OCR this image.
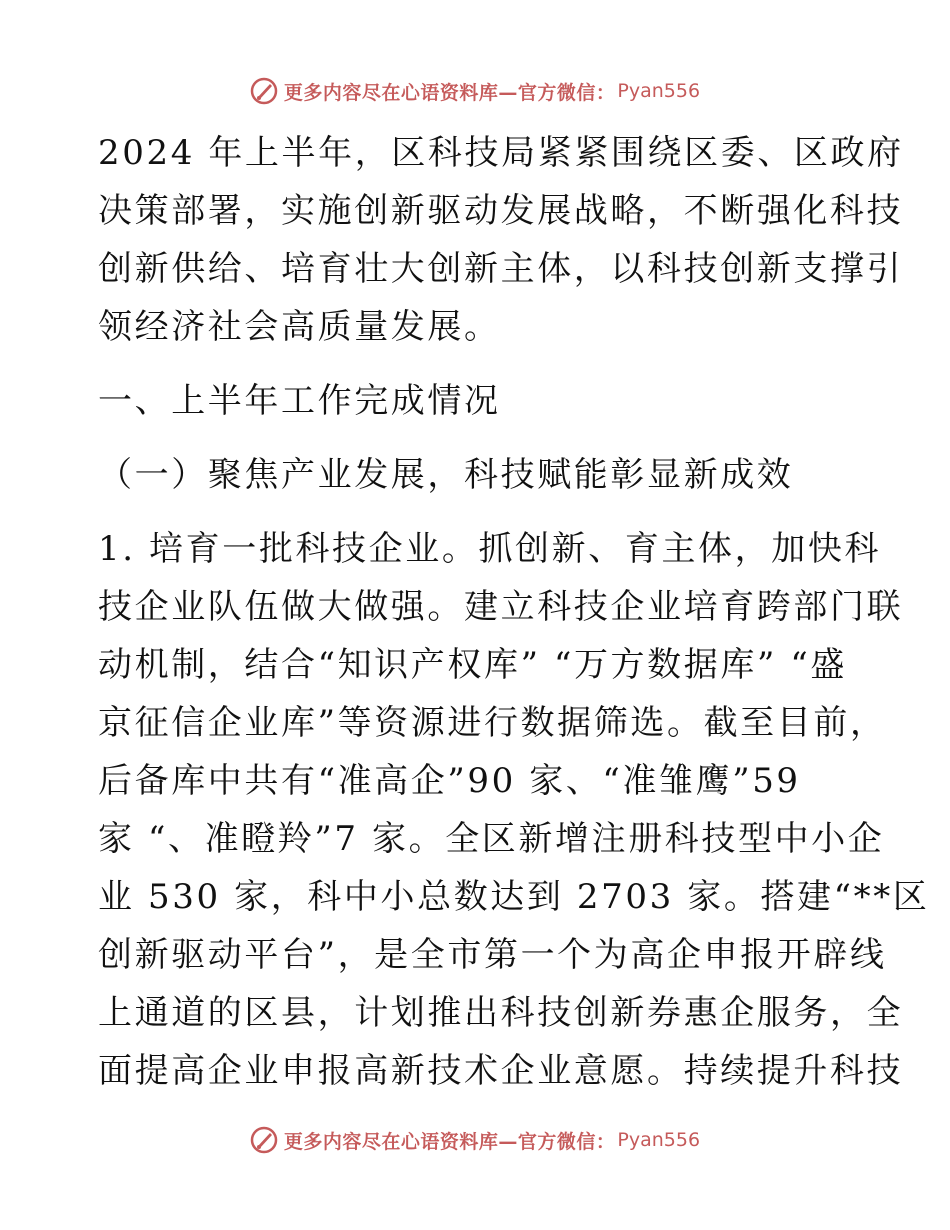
更多内容尽在心语资料库—官方微信： Pyan556
2024 年上半年，区科技局紧紧围绕区委、区政府
决策部署，实施创新驱动发展战略，不断强化科技
创新供给、培育壮大创新主体，以科技创新支撑引
领经济社会高质量发展。
一、上半年工作完成情况
（一）聚焦产业发展，科技赋能彰显新成效
1. 培育一批科技企业。抓创新、育主体，加快科
技企业队伍做大做强。建立科技企业培育跨部门联
动机制，结合“知识产权库” “万方数据库” “盛
京征信企业库”等资源进行数据筛选。截至目前，
后备库中共有“准高企”90 家、“准雏鹰”59
家 “、准瞪羚”7 家。全区新增注册科技型中小企
业 530 家，科中小总数达到 2703 家。搭建“**区
创新驱动平台”，是全市第一个为高企申报开辟线
上通道的区县，计划推出科技创新券惠企服务，全
面提高企业申报高新技术企业意愿。持续提升科技
更多内容尽在心语资料库—官方微信： Pyan556
